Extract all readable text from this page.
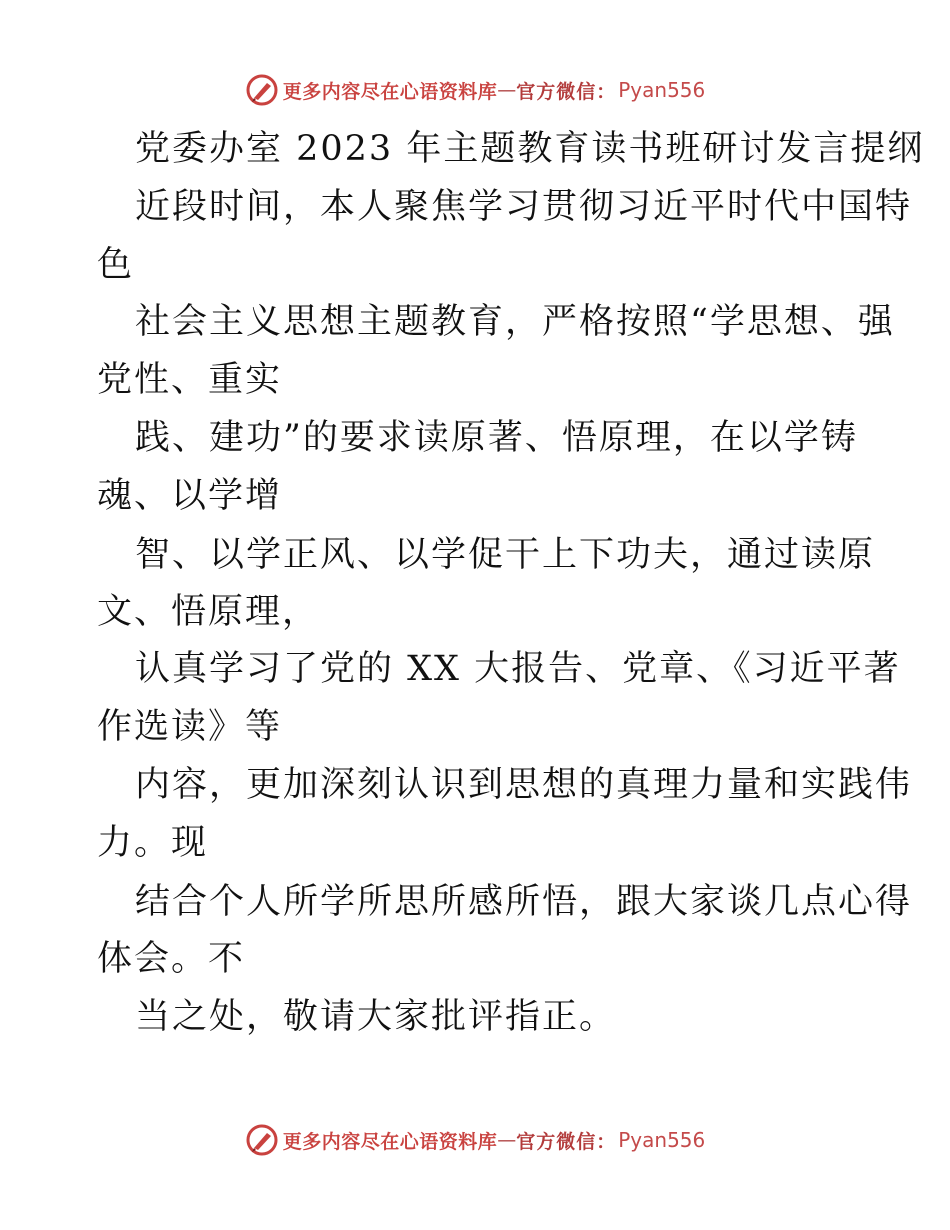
更多内容尽在心语资料库 — 官方微信： Pyan556
党委办室 2023 年主题教育读书班研讨发言提纲
近段时间，本人聚焦学习贯彻习近平时代中国特
色
社会主义思想主题教育，严格按照“学思想、强
党性、重实
践、建功”的要求读原著、悟原理，在以学铸
魂、以学增
智、以学正风、以学促干上下功夫，通过读原
文、悟原理，
认真学习了党的 XX 大报告、党章、《习近平著
作选读》等
内容，更加深刻认识到思想的真理力量和实践伟
力。现
结合个人所学所思所感所悟，跟大家谈几点心得
体会。不
当之处，敬请大家批评指正。
更多内容尽在心语资料库 — 官方微信： Pyan556
